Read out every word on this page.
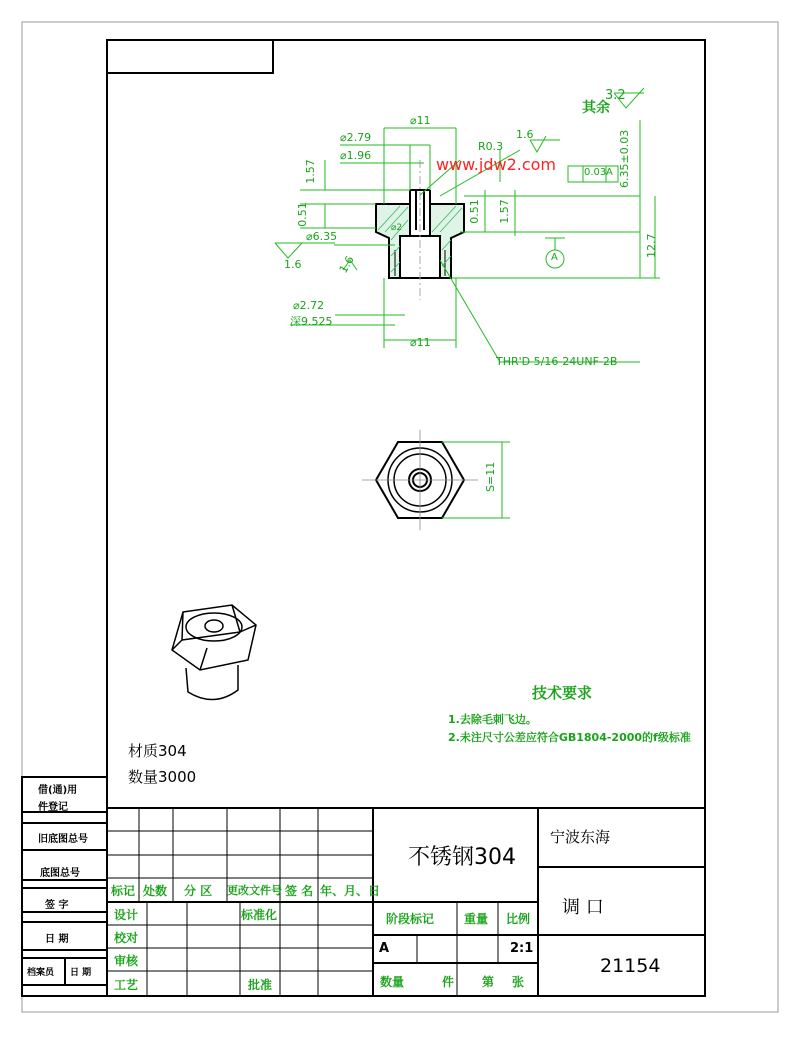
3.2
其余
⌀11
⌀2.79
⌀1.96
R0.3
1.6
1.57
0.51	0.51 1.57
⌀6.35
1.6	1.6
⌀2
⌀2.72
深9.525
⌀11
6.35±0.03
12.7
A
0.03 A
THR'D 5/16-24UNF-2B
S=11
www.jdw2.com
材质304
数量3000
技术要求
1.去除毛刺飞边。
2.未注尺寸公差应符合GB1804-2000的f级标准
借(通)用
件登记
旧底图总号
底图总号
签 字
日 期
档案员 日 期
标记 处数 分 区 更改文件号 签 名 年、月、日
设计	标准化
校对
审核
工艺	批准
不锈钢304
宁波东海
调 口
21154
阶段标记 重量 比例
A	2:1
数量	件 第 张
